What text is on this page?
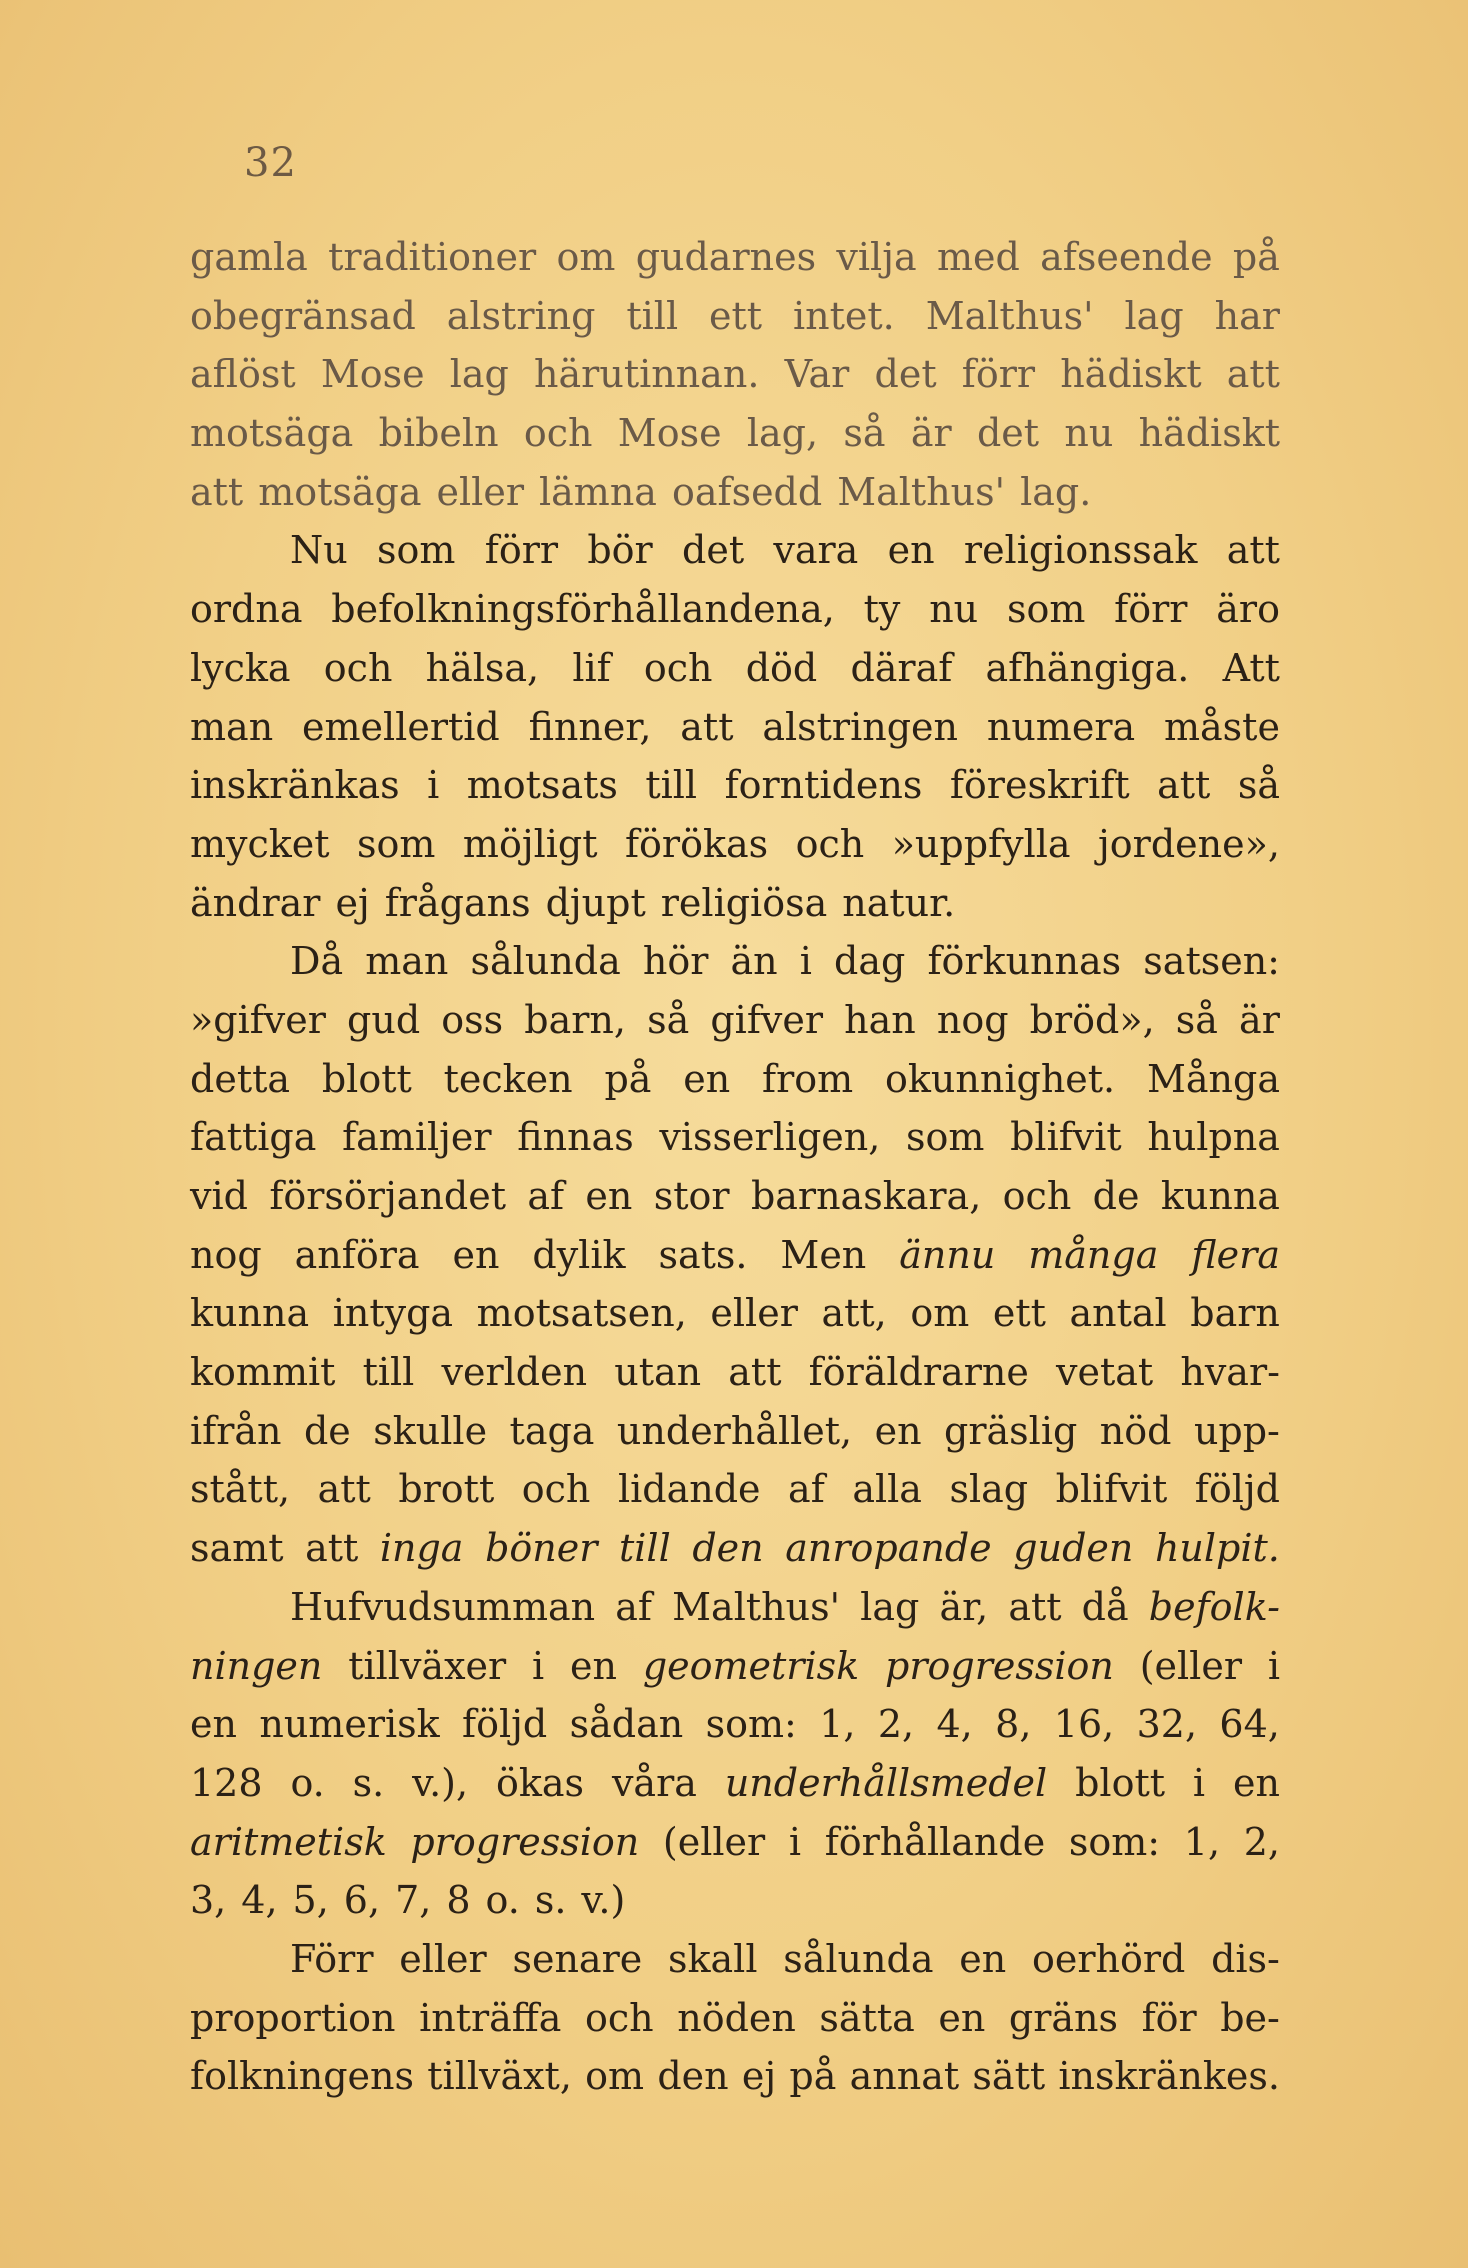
32
gamla traditioner om gudarnes vilja med afseende på
obegränsad alstring till ett intet. Malthus' lag har
aflöst Mose lag härutinnan. Var det förr hädiskt att
motsäga bibeln och Mose lag, så är det nu hädiskt
att motsäga eller lämna oafsedd Malthus' lag.
Nu som förr bör det vara en religionssak att
ordna befolkningsförhållandena, ty nu som förr äro
lycka och hälsa, lif och död däraf afhängiga. Att
man emellertid finner, att alstringen numera måste
inskränkas i motsats till forntidens föreskrift att så
mycket som möjligt förökas och »uppfylla jordene»,
ändrar ej frågans djupt religiösa natur.
Då man sålunda hör än i dag förkunnas satsen:
»gifver gud oss barn, så gifver han nog bröd», så är
detta blott tecken på en from okunnighet. Många
fattiga familjer finnas visserligen, som blifvit hulpna
vid försörjandet af en stor barnaskara, och de kunna
nog anföra en dylik sats. Men ännu många flera
kunna intyga motsatsen, eller att, om ett antal barn
kommit till verlden utan att föräldrarne vetat hvar-
ifrån de skulle taga underhållet, en gräslig nöd upp-
stått, att brott och lidande af alla slag blifvit följd
samt att inga böner till den anropande guden hulpit.
Hufvudsumman af Malthus' lag är, att då befolk-
ningen tillväxer i en geometrisk progression (eller i
en numerisk följd sådan som: 1, 2, 4, 8, 16, 32, 64,
128 o. s. v.), ökas våra underhållsmedel blott i en
aritmetisk progression (eller i förhållande som: 1, 2,
3, 4, 5, 6, 7, 8 o. s. v.)
Förr eller senare skall sålunda en oerhörd dis-
proportion inträffa och nöden sätta en gräns för be-
folkningens tillväxt, om den ej på annat sätt inskränkes.
